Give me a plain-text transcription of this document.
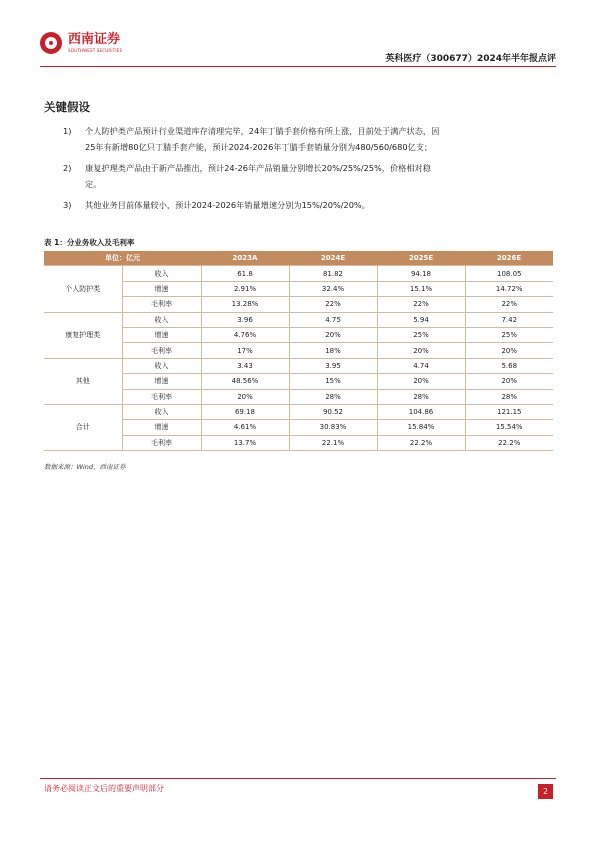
西南证券
SOUTHWEST SECURITIES
英科医疗（300677）2024年半年报点评
关键假设
1)	个人防护类产品预计行业渠道库存清理完毕，24年丁腈手套价格有所上涨，目前处于满产状态，因25年有新增80亿只丁腈手套产能，预计2024-2026年丁腈手套销量分别为480/560/680亿支；
2)	康复护理类产品由于新产品推出，预计24-26年产品销量分别增长20%/25%/25%，价格相对稳定。
3)	其他业务目前体量较小，预计2024-2026年销量增速分别为15%/20%/20%。
表 1：分业务收入及毛利率
单位：亿元		2023A	2024E	2025E	2026E
个人防护类	收入	61.8	81.82	94.18	108.05
	增速	2.91%	32.4%	15.1%	14.72%
	毛利率	13.28%	22%	22%	22%
康复护理类	收入	3.96	4.75	5.94	7.42
	增速	4.76%	20%	25%	25%
	毛利率	17%	18%	20%	20%
其他	收入	3.43	3.95	4.74	5.68
	增速	48.56%	15%	20%	20%
	毛利率	20%	28%	28%	28%
合计	收入	69.18	90.52	104.86	121.15
	增速	4.61%	30.83%	15.84%	15.54%
	毛利率	13.7%	22.1%	22.2%	22.2%
数据来源：Wind，西南证券
请务必阅读正文后的重要声明部分	2
